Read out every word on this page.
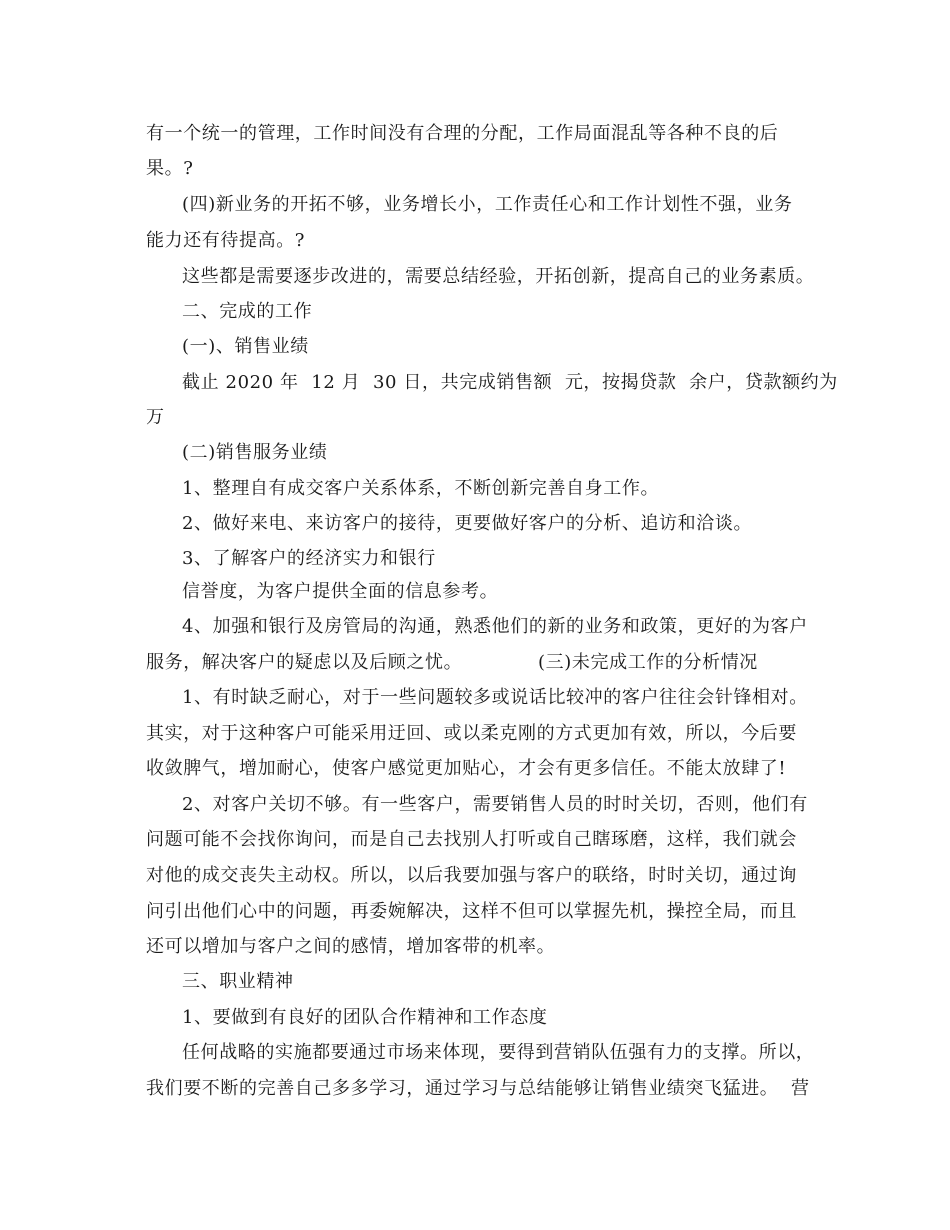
有一个统一的管理，工作时间没有合理的分配，工作局面混乱等各种不良的后
果。?
(四)新业务的开拓不够，业务增长小，工作责任心和工作计划性不强，业务
能力还有待提高。?
这些都是需要逐步改进的，需要总结经验，开拓创新，提高自己的业务素质。
二、完成的工作
(一)、销售业绩
截止 2020 年  12 月  30 日，共完成销售额  元，按揭贷款  余户，贷款额约为
万
(二)销售服务业绩
1、整理自有成交客户关系体系，不断创新完善自身工作。
2、做好来电、来访客户的接待，更要做好客户的分析、追访和洽谈。
3、了解客户的经济实力和银行
信誉度，为客户提供全面的信息参考。
4、加强和银行及房管局的沟通，熟悉他们的新的业务和政策，更好的为客户
服务，解决客户的疑虑以及后顾之忧。            (三)未完成工作的分析情况
1、有时缺乏耐心，对于一些问题较多或说话比较冲的客户往往会针锋相对。
其实，对于这种客户可能采用迂回、或以柔克刚的方式更加有效，所以，今后要
收敛脾气，增加耐心，使客户感觉更加贴心，才会有更多信任。不能太放肆了!
2、对客户关切不够。有一些客户，需要销售人员的时时关切，否则，他们有
问题可能不会找你询问，而是自己去找别人打听或自己瞎琢磨，这样，我们就会
对他的成交丧失主动权。所以，以后我要加强与客户的联络，时时关切，通过询
问引出他们心中的问题，再委婉解决，这样不但可以掌握先机，操控全局，而且
还可以增加与客户之间的感情，增加客带的机率。
三、职业精神
1、要做到有良好的团队合作精神和工作态度
任何战略的实施都要通过市场来体现，要得到营销队伍强有力的支撑。所以，
我们要不断的完善自己多多学习，通过学习与总结能够让销售业绩突飞猛进。  营
